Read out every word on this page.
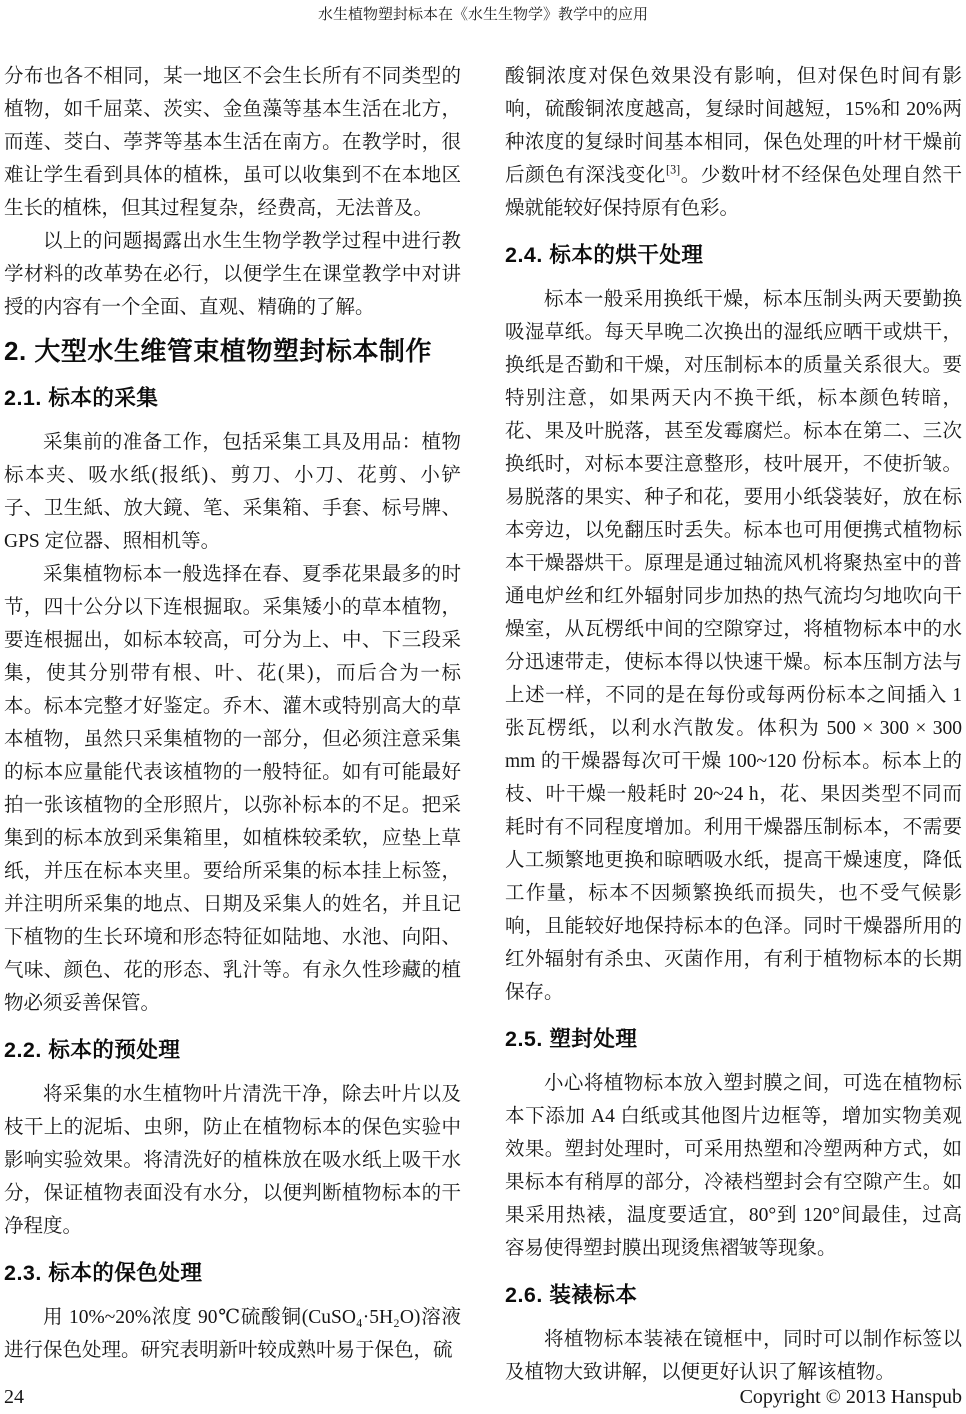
水生植物塑封标本在《水生生物学》教学中的应用

分布也各不相同，某一地区不会生长所有不同类型的植物，如千屈菜、茨实、金鱼藻等基本生活在北方，而莲、茭白、荸荠等基本生活在南方。在教学时，很难让学生看到具体的植株，虽可以收集到不在本地区生长的植株，但其过程复杂，经费高，无法普及。

以上的问题揭露出水生生物学教学过程中进行教学材料的改革势在必行，以便学生在课堂教学中对讲授的内容有一个全面、直观、精确的了解。

2. 大型水生维管束植物塑封标本制作
2.1. 标本的采集

采集前的准备工作，包括采集工具及用品：植物标本夹、吸水纸(报纸)、剪刀、小刀、花剪、小铲子、卫生紙、放大鏡、笔、采集箱、手套、标号牌、GPS 定位器、照相机等。

采集植物标本一般选择在春、夏季花果最多的时节，四十公分以下连根掘取。采集矮小的草本植物，要连根掘出，如标本较高，可分为上、中、下三段采集，使其分别带有根、叶、花(果)，而后合为一标本。标本完整才好鉴定。乔木、灌木或特别高大的草本植物，虽然只采集植物的一部分，但必须注意采集的标本应量能代表该植物的一般特征。如有可能最好拍一张该植物的全形照片，以弥补标本的不足。把采集到的标本放到采集箱里，如植株较柔软，应垫上草纸，并压在标本夹里。要给所采集的标本挂上标签，并注明所采集的地点、日期及采集人的姓名，并且记下植物的生长环境和形态特征如陆地、水池、向阳、气味、颜色、花的形态、乳汁等。有永久性珍藏的植物必须妥善保管。

2.2. 标本的预处理

将采集的水生植物叶片清洗干净，除去叶片以及枝干上的泥垢、虫卵，防止在植物标本的保色实验中影响实验效果。将清洗好的植株放在吸水纸上吸干水分，保证植物表面没有水分，以便判断植物标本的干净程度。

2.3. 标本的保色处理

用 10%~20%浓度 90℃硫酸铜(CuSO₄·5H₂O)溶液进行保色处理。研究表明新叶较成熟叶易于保色，硫

酸铜浓度对保色效果没有影响，但对保色时间有影响，硫酸铜浓度越高，复绿时间越短，15%和 20%两种浓度的复绿时间基本相同，保色处理的叶材干燥前后颜色有深浅变化[3]。少数叶材不经保色处理自然干燥就能较好保持原有色彩。

2.4. 标本的烘干处理

标本一般采用换纸干燥，标本压制头两天要勤换吸湿草纸。每天早晚二次换出的湿纸应晒干或烘干，换纸是否勤和干燥，对压制标本的质量关系很大。要特别注意，如果两天内不换干纸，标本颜色转暗，花、果及叶脱落，甚至发霉腐烂。标本在第二、三次换纸时，对标本要注意整形，枝叶展开，不使折皱。易脱落的果实、种子和花，要用小纸袋装好，放在标本旁边，以免翻压时丢失。标本也可用便携式植物标本干燥器烘干。原理是通过轴流风机将聚热室中的普通电炉丝和红外辐射同步加热的热气流均匀地吹向干燥室，从瓦楞纸中间的空隙穿过，将植物标本中的水分迅速带走，使标本得以快速干燥。标本压制方法与上述一样，不同的是在每份或每两份标本之间插入 1 张瓦楞纸，以利水汽散发。体积为 500 × 300 × 300 mm 的干燥器每次可干燥 100~120 份标本。标本上的枝、叶干燥一般耗时 20~24 h，花、果因类型不同而耗时有不同程度增加。利用干燥器压制标本，不需要人工频繁地更换和晾晒吸水纸，提高干燥速度，降低工作量，标本不因频繁换纸而损失，也不受气候影响，且能较好地保持标本的色泽。同时干燥器所用的红外辐射有杀虫、灭菌作用，有利于植物标本的长期保存。

2.5. 塑封处理

小心将植物标本放入塑封膜之间，可选在植物标本下添加 A4 白纸或其他图片边框等，增加实物美观效果。塑封处理时，可采用热塑和冷塑两种方式，如果标本有稍厚的部分，冷裱档塑封会有空隙产生。如果采用热裱，温度要适宜，80°到 120°间最佳，过高容易使得塑封膜出现烫焦褶皱等现象。

2.6. 装裱标本

将植物标本装裱在镜框中，同时可以制作标签以及植物大致讲解，以便更好认识了解该植物。

24	Copyright © 2013 Hanspub
